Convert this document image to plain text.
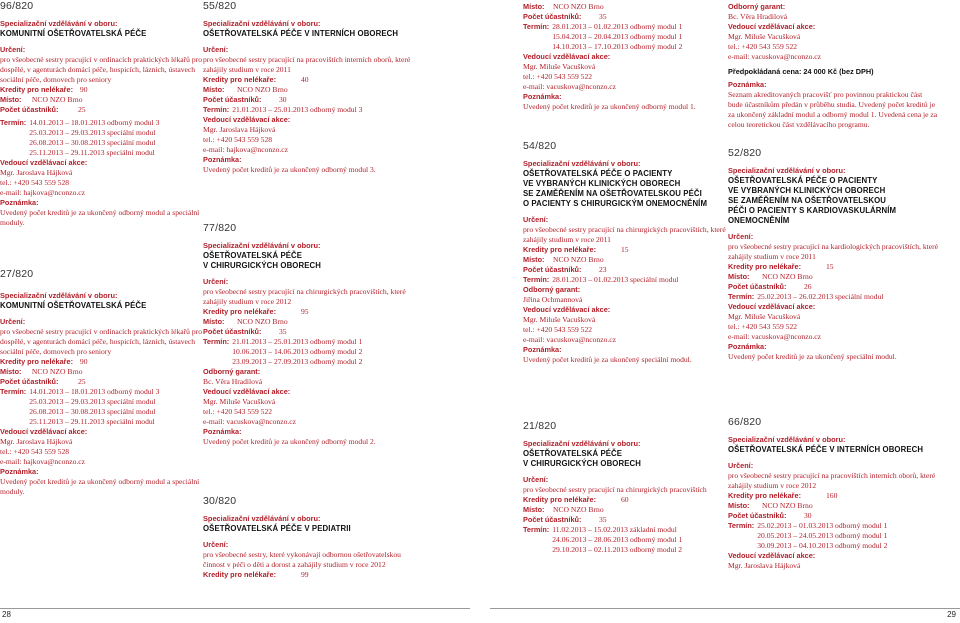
96/820
Specializační vzdělávání v oboru:
KOMUNITNÍ OŠETŘOVATELSKÁ PÉČE
Určení:
pro všeobecné sestry pracující v ordinacích praktických lékařů pro dospělé, v agenturách domácí péče, hospicích, lázních, ústavech sociální péče, domovech pro seniory
Kredity pro nelékaře: 90
Místo: NCO NZO Brno
Počet účastníků:	25
Termín: 14.01.2013 – 18.01.2013 odborný modul 3
25.03.2013 – 29.03.2013 speciální modul
26.08.2013 – 30.08.2013 speciální modul
25.11.2013 – 29.11.2013 speciální modul
Vedoucí vzdělávací akce:
Mgr. Jaroslava Hájková
tel.: +420 543 559 528
e-mail: hajkova@nconzo.cz
Poznámka:
Uvedený počet kreditů je za ukončený odborný modul a speciální moduly.
27/820
Specializační vzdělávání v oboru:
KOMUNITNÍ OŠETŘOVATELSKÁ PÉČE
Určení:
pro všeobecné sestry pracující v ordinacích praktických lékařů pro dospělé, v agenturách domácí péče, hospicích, lázních, ústavech sociální péče, domovech pro seniory
Kredity pro nelékaře: 90
Místo: NCO NZO Brno
Počet účastníků:	25
Termín: 14.01.2013 – 18.01.2013 odborný modul 3
25.03.2013 – 29.03.2013 speciální modul
26.08.2013 – 30.08.2013 speciální modul
25.11.2013 – 29.11.2013 speciální modul
Vedoucí vzdělávací akce:
Mgr. Jaroslava Hájková
tel.: +420 543 559 528
e-mail: hajkova@nconzo.cz
Poznámka:
Uvedený počet kreditů je za ukončený odborný modul a speciální moduly.
55/820
Specializační vzdělávání v oboru:
OŠETŘOVATELSKÁ PÉČE V INTERNÍCH OBORECH
Určení:
pro všeobecné sestry pracující na pracovištích interních oborů, které zahájily studium v roce 2011
Kredity pro nelékaře:	40
Místo: NCO NZO Brno
Počet účastníků: 30
Termín: 21.01.2013 – 25.01.2013 odborný modul 3
Vedoucí vzdělávací akce:
Mgr. Jaroslava Hájková
tel.: +420 543 559 528
e-mail: hajkova@nconzo.cz
Poznámka:
Uvedený počet kreditů je za ukončený odborný modul 3.
77/820
Specializační vzdělávání v oboru:
OŠETŘOVATELSKÁ PÉČE
V CHIRURGICKÝCH OBORECH
Určení:
pro všeobecné sestry pracující na chirurgických pracovištích, které zahájily studium v roce 2012
Kredity pro nelékaře:	95
Místo: NCO NZO Brno
Počet účastníků: 35
Termín: 21.01.2013 – 25.01.2013 odborný modul 1
10.06.2013 – 14.06.2013 odborný modul 2
23.09.2013 – 27.09.2013 odborný modul 2
Odborný garant:
Bc. Věra Hradilová
Vedoucí vzdělávací akce:
Mgr. Miluše Vacušková
tel.: +420 543 559 522
e-mail: vacuskova@nconzo.cz
Poznámka:
Uvedený počet kreditů je za ukončený odborný modul 2.
30/820
Specializační vzdělávání v oboru:
OŠETŘOVATELSKÁ PÉČE V PEDIATRII
Určení:
pro všeobecné sestry, které vykonávají odbornou ošetřovatelskou činnost v péči o děti a dorost a zahájily studium v roce 2012
Kredity pro nelékaře:	99
Místo: NCO NZO Brno
Počet účastníků: 35
Termín: 28.01.2013 – 01.02.2013 odborný modul 1
15.04.2013 – 20.04.2013 odborný modul 1
14.10.2013 – 17.10.2013 odborný modul 2
Vedoucí vzdělávací akce:
Mgr. Miluše Vacušková
tel.: +420 543 559 522
e-mail: vacuskova@nconzo.cz
Poznámka:
Uvedený počet kreditů je za ukončený odborný modul 1.
54/820
Specializační vzdělávání v oboru:
OŠETŘOVATELSKÁ PÉČE O PACIENTY
VE VYBRANÝCH KLINICKÝCH OBORECH
SE ZAMĚŘENÍM NA OŠETŘOVATELSKOU PÉČI
O PACIENTY S CHIRURGICKÝM ONEMOCNĚNÍM
Určení:
pro všeobecné sestry pracující na chirurgických pracovištích, které zahájily studium v roce 2011
Kredity pro nelékaře:	15
Místo: NCO NZO Brno
Počet účastníků: 23
Termín: 28.01.2013 – 01.02.2013 speciální modul
Odborný garant:
Jiřina Ochmannová
Vedoucí vzdělávací akce:
Mgr. Miluše Vacušková
tel.: +420 543 559 522
e-mail: vacuskova@nconzo.cz
Poznámka:
Uvedený počet kreditů je za ukončený speciální modul.
21/820
Specializační vzdělávání v oboru:
OŠETŘOVATELSKÁ PÉČE
V CHIRURGICKÝCH OBORECH
Určení:
pro všeobecné sestry pracující na chirurgických pracovištích
Kredity pro nelékaře:	60
Místo: NCO NZO Brno
Počet účastníků: 35
Termín: 11.02.2013 – 15.02.2013 základní modul
24.06.2013 – 28.06.2013 odborný modul 1
29.10.2013 – 02.11.2013 odborný modul 2
Odborný garant:
Bc. Věra Hradilová
Vedoucí vzdělávací akce:
Mgr. Miluše Vacušková
tel.: +420 543 559 522
e-mail: vacuskova@nconzo.cz
Předpokládaná cena: 24 000 Kč (bez DPH)
Poznámka:
Seznam akreditovaných pracovišť pro povinnou praktickou část bude účastníkům předán v průběhu studia. Uvedený počet kreditů je za ukončený základní modul a odborný modul 1. Uvedená cena je za celou teoretickou část vzdělávacího programu.
52/820
Specializační vzdělávání v oboru:
OŠETŘOVATELSKÁ PÉČE O PACIENTY
VE VYBRANÝCH KLINICKÝCH OBORECH
SE ZAMĚŘENÍM NA OŠETŘOVATELSKOU
PÉČI O PACIENTY S KARDIOVASKULÁRNÍM
ONEMOCNĚNÍM
Určení:
pro všeobecné sestry pracující na kardiologických pracovištích, které zahájily studium v roce 2011
Kredity pro nelékaře:	15
Místo: NCO NZO Brno
Počet účastníků: 26
Termín: 25.02.2013 – 26.02.2013 speciální modul
Vedoucí vzdělávací akce:
Mgr. Miluše Vacušková
tel.: +420 543 559 522
e-mail: vacuskova@nconzo.cz
Poznámka:
Uvedený počet kreditů je za ukončený speciální modul.
66/820
Specializační vzdělávání v oboru:
OŠETŘOVATELSKÁ PÉČE V INTERNÍCH OBORECH
Určení:
pro všeobecné sestry pracující na pracovištích interních oborů, které zahájily studium v roce 2012
Kredity pro nelékaře:	160
Místo: NCO NZO Brno
Počet účastníků: 30
Termín: 25.02.2013 – 01.03.2013 odborný modul 1
20.05.2013 – 24.05.2013 odborný modul 1
30.09.2013 – 04.10.2013 odborný modul 2
Vedoucí vzdělávací akce:
Mgr. Jaroslava Hájková
28	29
